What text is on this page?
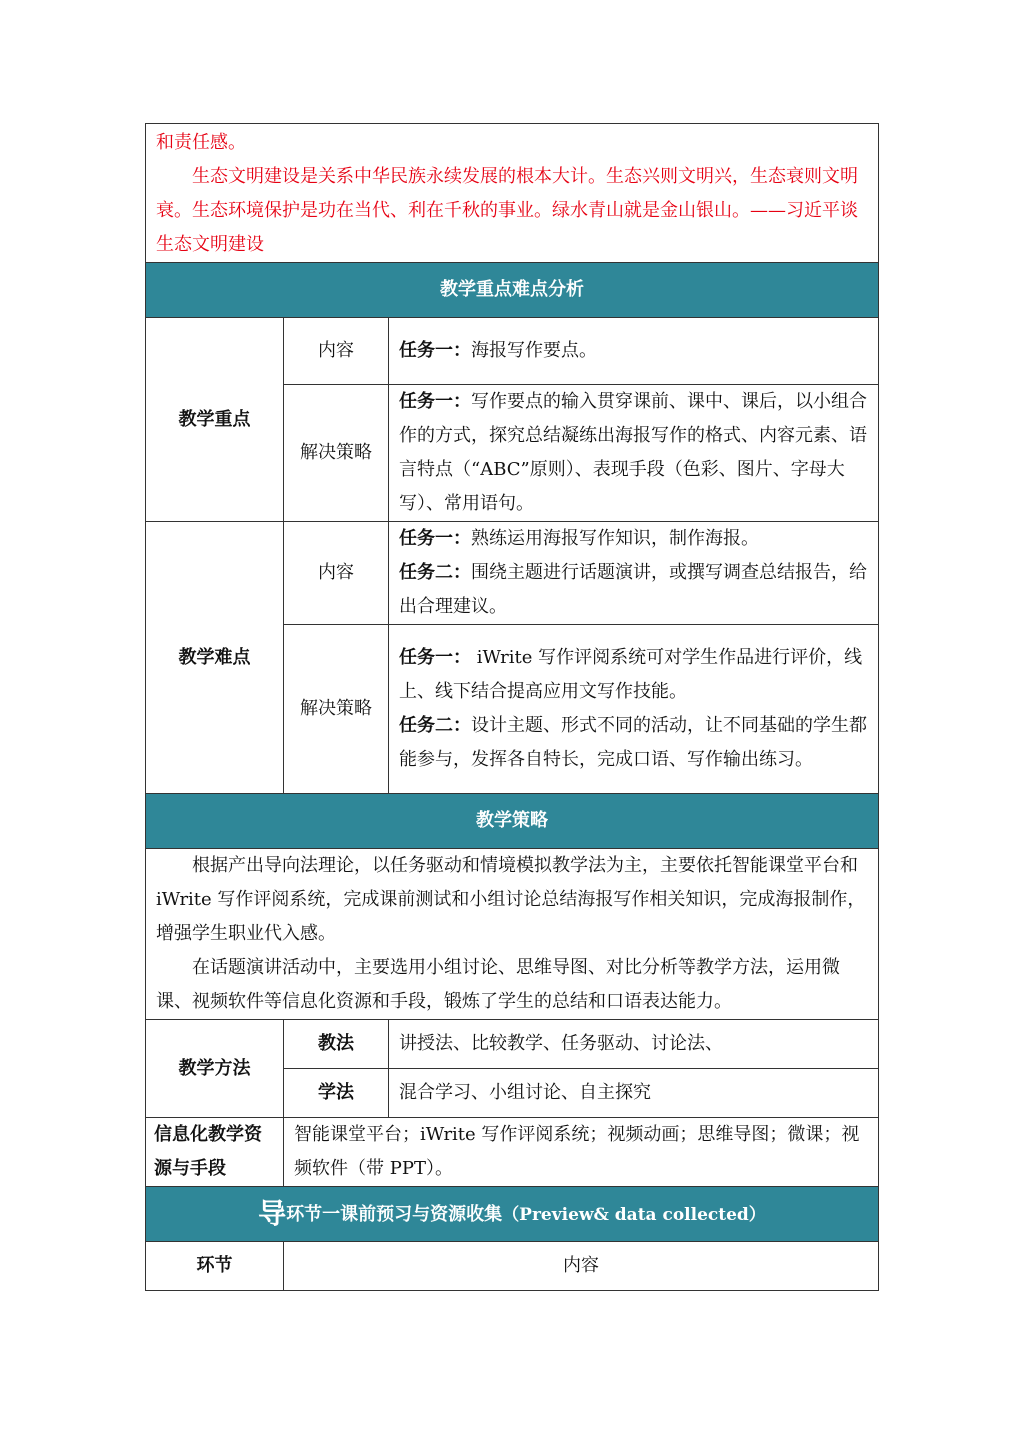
和责任感。
生态文明建设是关系中华民族永续发展的根本大计。生态兴则文明兴，生态衰则文明衰。生态环境保护是功在当代、利在千秋的事业。绿水青山就是金山银山。——习近平谈生态文明建设		

教学重点难点分析		
教学重点	内容	任务一：海报写作要点。

	解决策略	任务一：写作要点的输入贯穿课前、课中、课后，以小组合作的方式，探究总结凝练出海报写作的格式、内容元素、语言特点（“ABC”原则）、表现手段（色彩、图片、字母大写）、常用语句。

教学难点	内容	任务一：熟练运用海报写作知识，制作海报。
任务二：围绕主题进行话题演讲，或撰写调查总结报告，给出合理建议。

	解决策略	任务一： iWrite 写作评阅系统可对学生作品进行评价，线上、线下结合提高应用文写作技能。
任务二：设计主题、形式不同的活动，让不同基础的学生都能参与，发挥各自特长，完成口语、写作输出练习。

教学策略		

根据产出导向法理论，以任务驱动和情境模拟教学法为主，主要依托智能课堂平台和 iWrite 写作评阅系统，完成课前测试和小组讨论总结海报写作相关知识，完成海报制作，增强学生职业代入感。
在话题演讲活动中，主要选用小组讨论、思维导图、对比分析等教学方法，运用微课、视频软件等信息化资源和手段，锻炼了学生的总结和口语表达能力。		

教学方法	教法	讲授法、比较教学、任务驱动、讨论法、
	学法	混合学习、小组讨论、自主探究
信息化教学资源与手段	智能课堂平台；iWrite 写作评阅系统；视频动画；思维导图；微课；视频软件（带 PPT）。	
导环节一课前预习与资源收集（Preview& data collected）		
环节	内容	
